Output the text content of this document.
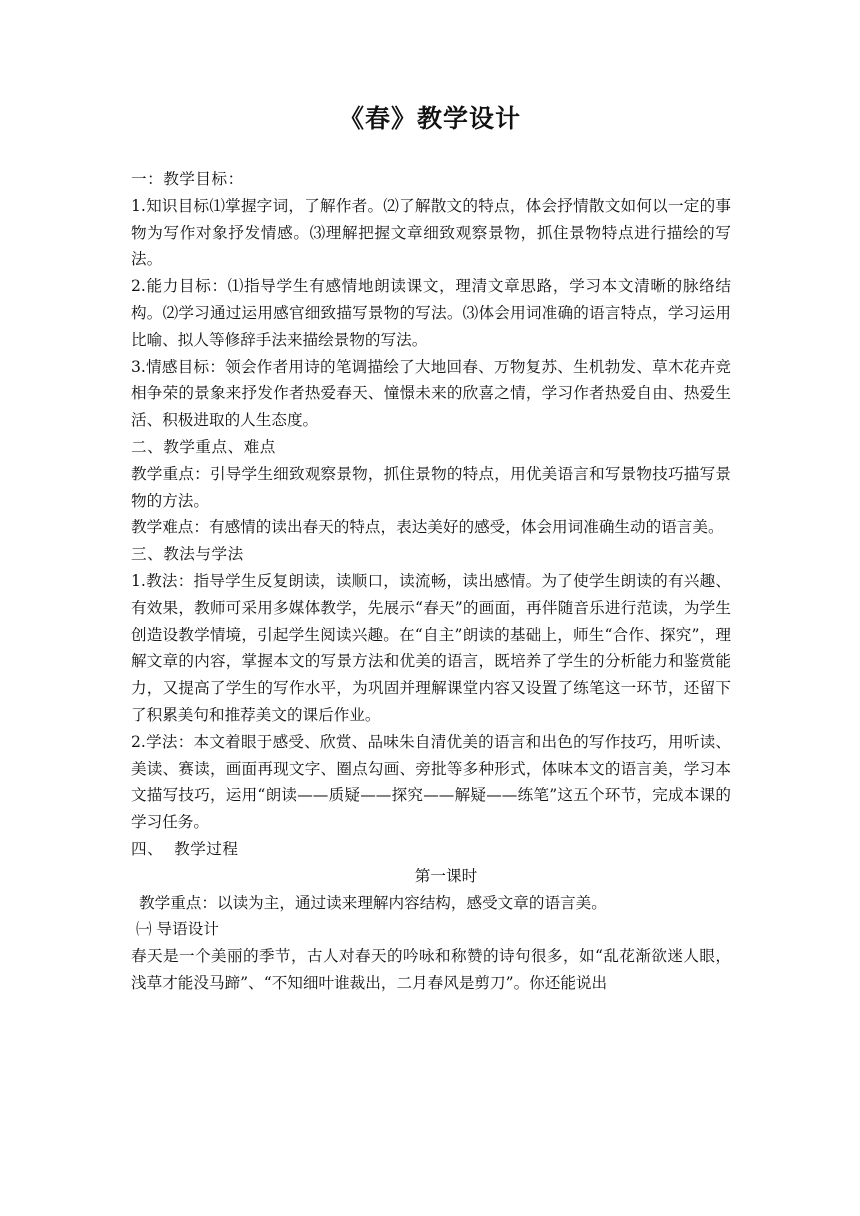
《春》教学设计

一：教学目标：

1.知识目标⑴掌握字词，了解作者。⑵了解散文的特点，体会抒情散文如何以一定的事物为写作对象抒发情感。⑶理解把握文章细致观察景物，抓住景物特点进行描绘的写法。

2.能力目标：⑴指导学生有感情地朗读课文，理清文章思路，学习本文清晰的脉络结构。⑵学习通过运用感官细致描写景物的写法。⑶体会用词准确的语言特点，学习运用比喻、拟人等修辞手法来描绘景物的写法。

3.情感目标：领会作者用诗的笔调描绘了大地回春、万物复苏、生机勃发、草木花卉竞相争荣的景象来抒发作者热爱春天、憧憬未来的欣喜之情，学习作者热爱自由、热爱生活、积极进取的人生态度。

二、教学重点、难点

教学重点：引导学生细致观察景物，抓住景物的特点，用优美语言和写景物技巧描写景物的方法。

教学难点：有感情的读出春天的特点，表达美好的感受，体会用词准确生动的语言美。

三、教法与学法

1.教法：指导学生反复朗读，读顺口，读流畅，读出感情。为了使学生朗读的有兴趣、有效果，教师可采用多媒体教学，先展示“春天”的画面，再伴随音乐进行范读，为学生创造设教学情境，引起学生阅读兴趣。在“自主”朗读的基础上，师生“合作、探究”，理解文章的内容，掌握本文的写景方法和优美的语言，既培养了学生的分析能力和鉴赏能力，又提高了学生的写作水平，为巩固并理解课堂内容又设置了练笔这一环节，还留下了积累美句和推荐美文的课后作业。

2.学法：本文着眼于感受、欣赏、品味朱自清优美的语言和出色的写作技巧，用听读、美读、赛读，画面再现文字、圈点勾画、旁批等多种形式，体味本文的语言美，学习本文描写技巧，运用“朗读——质疑——探究——解疑——练笔”这五个环节，完成本课的学习任务。

四、  教学过程

第一课时

教学重点：以读为主，通过读来理解内容结构，感受文章的语言美。

㈠ 导语设计

春天是一个美丽的季节，古人对春天的吟咏和称赞的诗句很多，如“乱花渐欲迷人眼，浅草才能没马蹄”、“不知细叶谁裁出，二月春风是剪刀”。你还能说出
